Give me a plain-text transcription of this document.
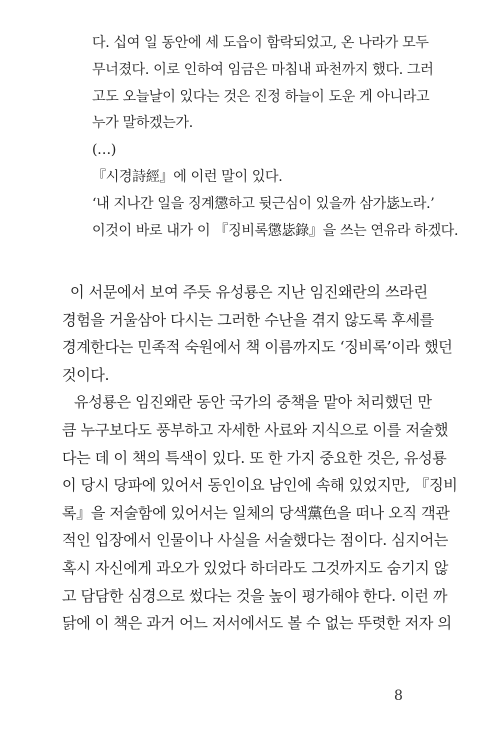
다. 십여 일 동안에 세 도읍이 함락되었고, 온 나라가 모두

무너졌다. 이로 인하여 임금은 마침내 파천까지 했다. 그러

고도 오늘날이 있다는 것은 진정 하늘이 도운 게 아니라고

누가 말하겠는가.

(…)

『시경詩經』에 이런 말이 있다.

‘내 지나간 일을 징계懲하고 뒷근심이 있을까 삼가毖노라.’

이것이 바로 내가 이 『징비록懲毖錄』을 쓰는 연유라 하겠다.

이 서문에서 보여 주듯 유성룡은 지난 임진왜란의 쓰라린

경험을 거울삼아 다시는 그러한 수난을 겪지 않도록 후세를

경계한다는 민족적 숙원에서 책 이름까지도 ‘징비록’이라 했던

것이다.

유성룡은 임진왜란 동안 국가의 중책을 맡아 처리했던 만

큼 누구보다도 풍부하고 자세한 사료와 지식으로 이를 저술했

다는 데 이 책의 특색이 있다. 또 한 가지 중요한 것은, 유성룡

이 당시 당파에 있어서 동인이요 남인에 속해 있었지만, 『징비

록』을 저술함에 있어서는 일체의 당색黨色을 떠나 오직 객관

적인 입장에서 인물이나 사실을 서술했다는 점이다. 심지어는

혹시 자신에게 과오가 있었다 하더라도 그것까지도 숨기지 않

고 담담한 심경으로 썼다는 것을 높이 평가해야 한다. 이런 까

닭에 이 책은 과거 어느 저서에서도 볼 수 없는 뚜렷한 저자 의

8
